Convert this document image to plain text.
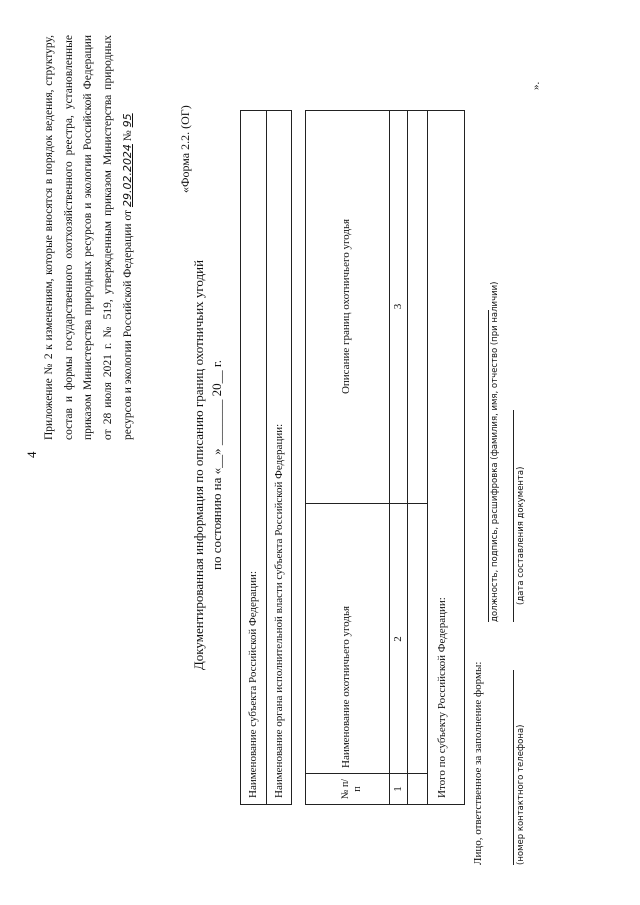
4
Приложение № 2 к изменениям, которые вносятся в порядок ведения, структуру, состав и формы государственного охотхозяйственного реестра, установленные приказом Министерства природных ресурсов и экологии Российской Федерации от 28 июля 2021 г. № 519, утвержденным приказом Министерства природных ресурсов и экологии Российской Федерации от 29.02.2024 № 95	«Форма 2.2. (ОГ)
Документированная информация по описанию границ охотничьих угодий по состоянию на «__» _______ 20__ г.
Наименование субъекта Российской Федерации: Наименование органа исполнительной власти субъекта Российской Федерации:	№ п/п
Наименование охотничьего угодья
Описание границ охотничьего угодья
1
2
3
Итого по субъекту Российской Федерации: Лицо, ответственное за заполнение формы:
должность, подпись, расшифровка (фамилия, имя, отчество (при наличии)
(номер контактного телефона)
(дата составления документа)
».
